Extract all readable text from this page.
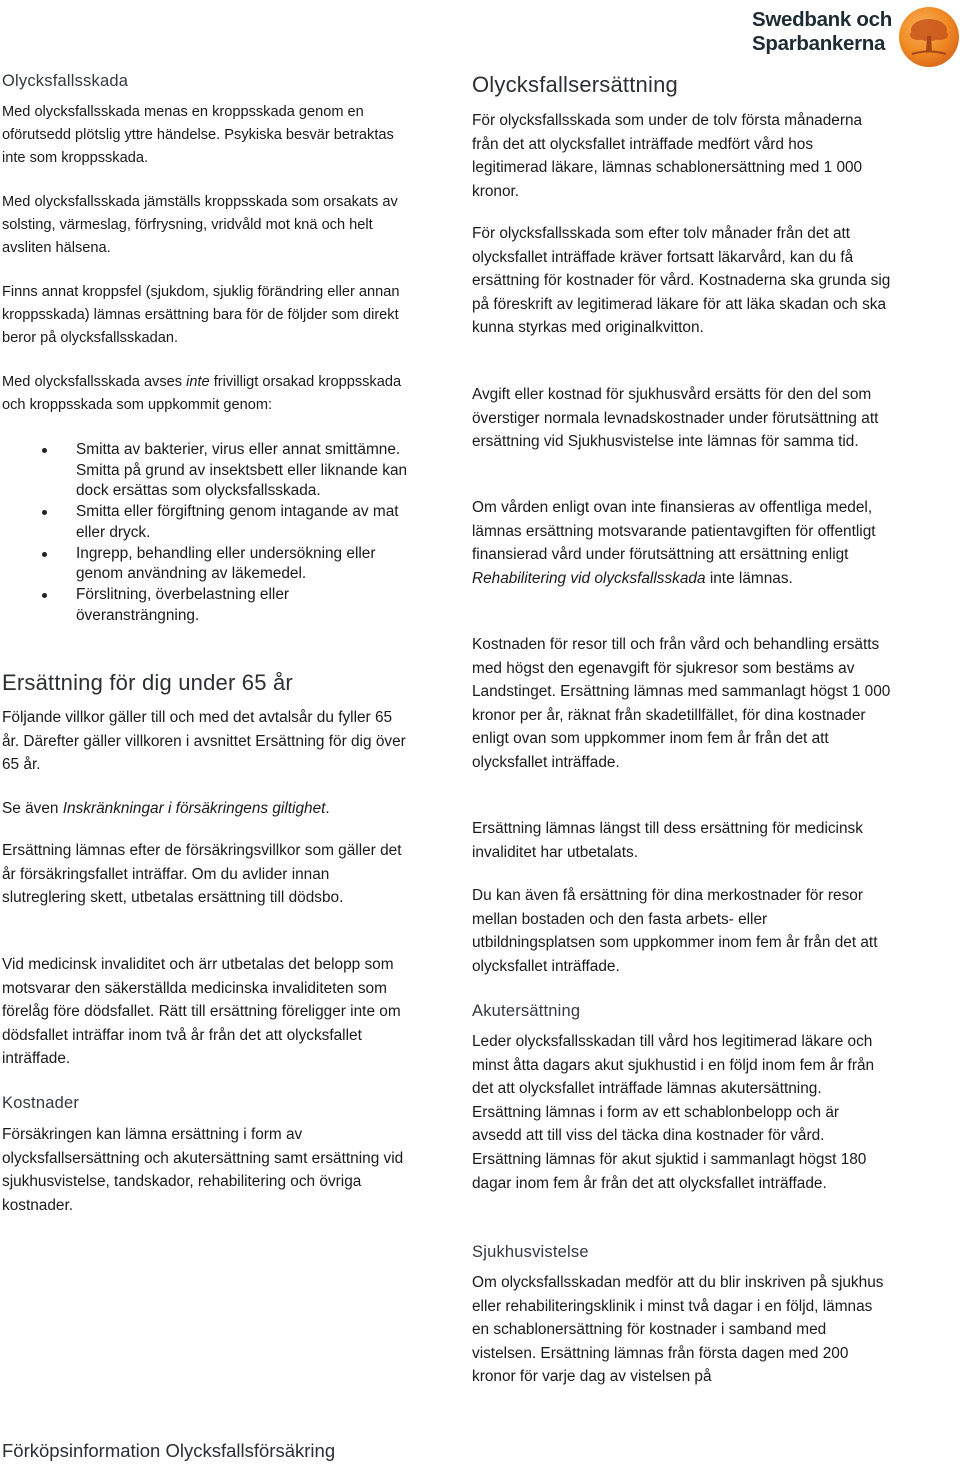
Swedbank och
Sparbankerna
Olycksfallsskada

Med olycksfallsskada menas en kroppsskada genom en oförutsedd plötslig yttre händelse. Psykiska besvär betraktas inte som kroppsskada.

Med olycksfallsskada jämställs kroppsskada som orsakats av solsting, värmeslag, förfrysning, vridvåld mot knä och helt avsliten hälsena.

Finns annat kroppsfel (sjukdom, sjuklig förändring eller annan kroppsskada) lämnas ersättning bara för de följder som direkt beror på olycksfallsskadan.

Med olycksfallsskada avses inte frivilligt orsakad kroppsskada och kroppsskada som uppkommit genom:

Smitta av bakterier, virus eller annat smittämne. Smitta på grund av insektsbett eller liknande kan dock ersättas som olycksfallsskada.
Smitta eller förgiftning genom intagande av mat eller dryck.
Ingrepp, behandling eller undersökning eller genom användning av läkemedel.
Förslitning, överbelastning eller överansträngning.
Ersättning för dig under 65 år

Följande villkor gäller till och med det avtalsår du fyller 65 år. Därefter gäller villkoren i avsnittet Ersättning för dig över 65 år.

Se även Inskränkningar i försäkringens giltighet.

Ersättning lämnas efter de försäkringsvillkor som gäller det år försäkringsfallet inträffar. Om du avlider innan slutreglering skett, utbetalas ersättning till dödsbo.

Vid medicinsk invaliditet och ärr utbetalas det belopp som motsvarar den säkerställda medicinska invaliditeten som förelåg före dödsfallet. Rätt till ersättning föreligger inte om dödsfallet inträffar inom två år från det att olycksfallet inträffade.

Kostnader

Försäkringen kan lämna ersättning i form av olycksfallsersättning och akutersättning samt ersättning vid sjukhusvistelse, tandskador, rehabilitering och övriga kostnader.

Olycksfallsersättning

För olycksfallsskada som under de tolv första månaderna från det att olycksfallet inträffade medfört vård hos legitimerad läkare, lämnas schablonersättning med 1 000 kronor.

För olycksfallsskada som efter tolv månader från det att olycksfallet inträffade kräver fortsatt läkarvård, kan du få ersättning för kostnader för vård. Kostnaderna ska grunda sig på föreskrift av legitimerad läkare för att läka skadan och ska kunna styrkas med originalkvitton.

Avgift eller kostnad för sjukhusvård ersätts för den del som överstiger normala levnadskostnader under förutsättning att ersättning vid Sjukhusvistelse inte lämnas för samma tid.

Om vården enligt ovan inte finansieras av offentliga medel, lämnas ersättning motsvarande patientavgiften för offentligt finansierad vård under förutsättning att ersättning enligt Rehabilitering vid olycksfallsskada inte lämnas.

Kostnaden för resor till och från vård och behandling ersätts med högst den egenavgift för sjukresor som bestäms av Landstinget. Ersättning lämnas med sammanlagt högst 1 000 kronor per år, räknat från skadetillfället, för dina kostnader enligt ovan som uppkommer inom fem år från det att olycksfallet inträffade.

Ersättning lämnas längst till dess ersättning för medicinsk invaliditet har utbetalats.

Du kan även få ersättning för dina merkostnader för resor mellan bostaden och den fasta arbets- eller utbildningsplatsen som uppkommer inom fem år från det att olycksfallet inträffade.

Akutersättning

Leder olycksfallsskadan till vård hos legitimerad läkare och minst åtta dagars akut sjukhustid i en följd inom fem år från det att olycksfallet inträffade lämnas akutersättning. Ersättning lämnas i form av ett schablonbelopp och är avsedd att till viss del täcka dina kostnader för vård. Ersättning lämnas för akut sjuktid i sammanlagt högst 180 dagar inom fem år från det att olycksfallet inträffade.

Sjukhusvistelse

Om olycksfallsskadan medför att du blir inskriven på sjukhus eller rehabiliteringsklinik i minst två dagar i en följd, lämnas en schablonersättning för kostnader i samband med vistelsen. Ersättning lämnas från första dagen med 200 kronor för varje dag av vistelsen på

Förköpsinformation Olycksfallsförsäkring
